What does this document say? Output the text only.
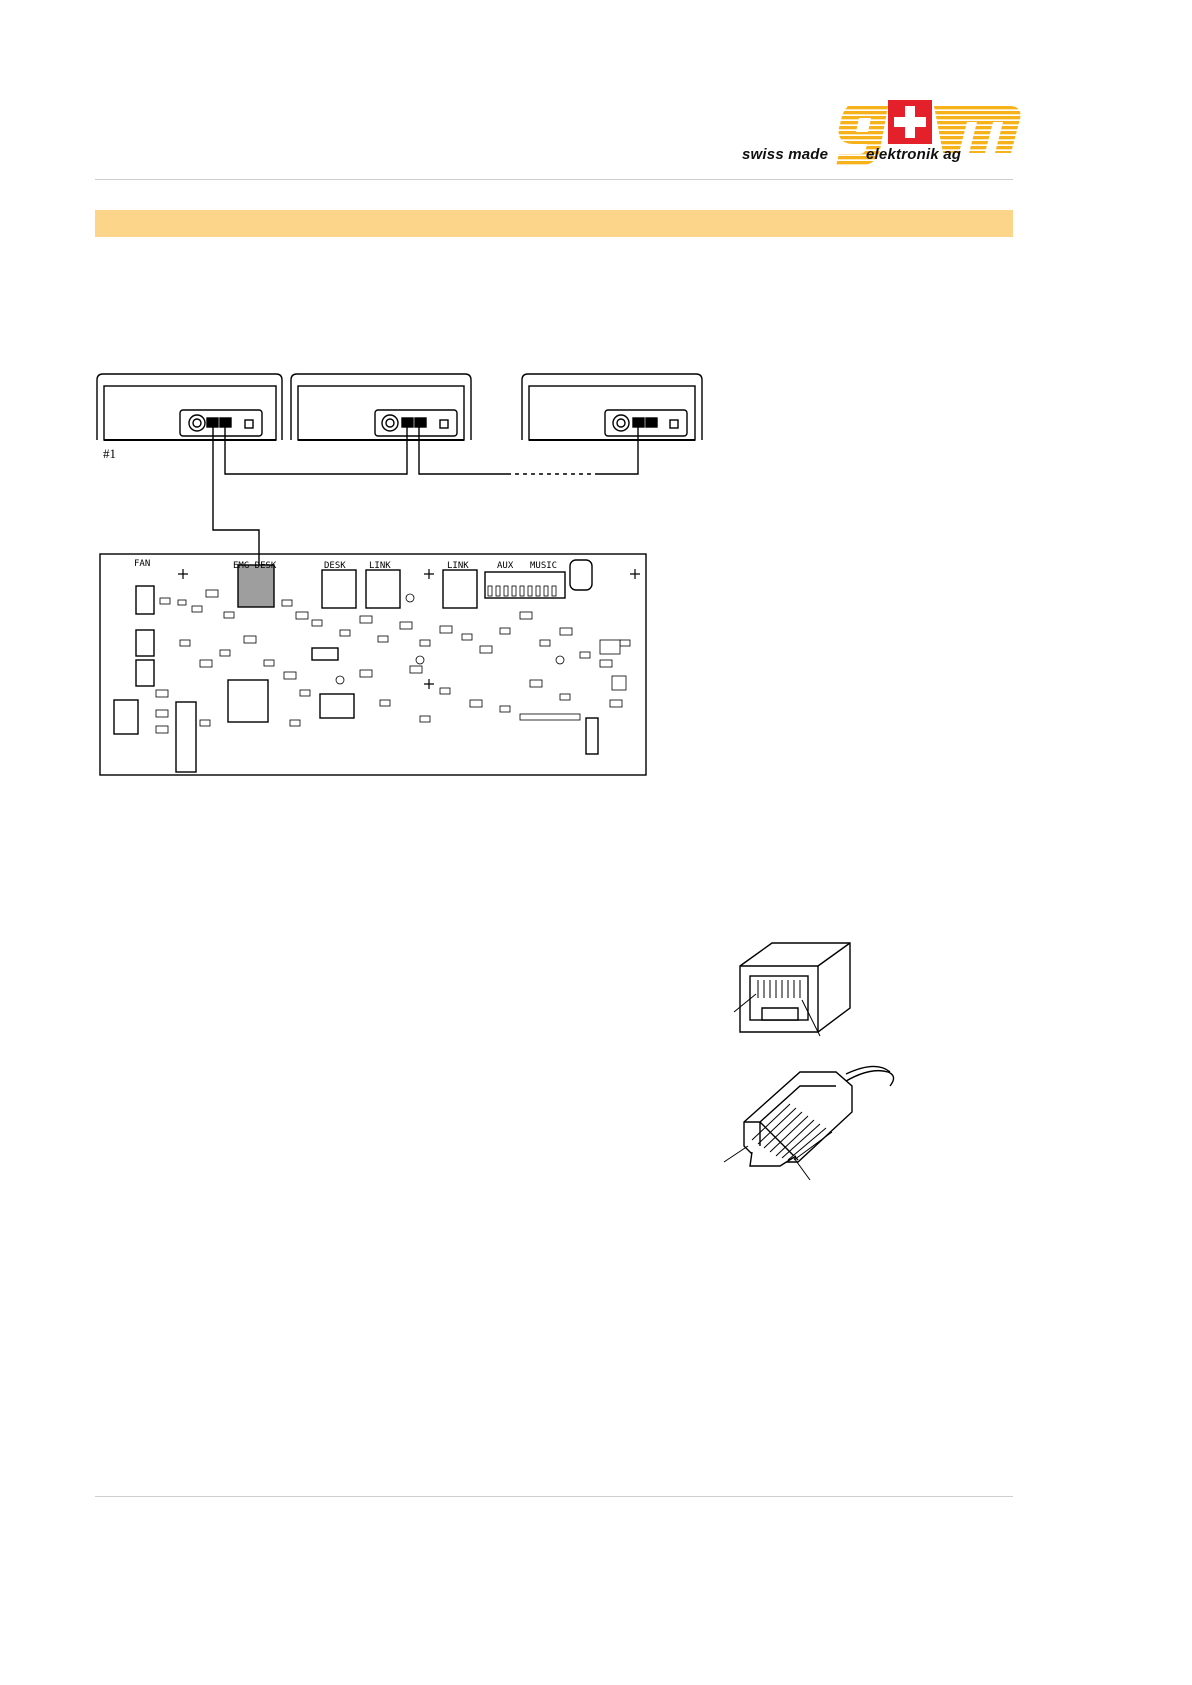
swiss made	elektronik ag
EMG DESK	DESK	LINK	LINK	AUX MUSIC
FAN
#1
